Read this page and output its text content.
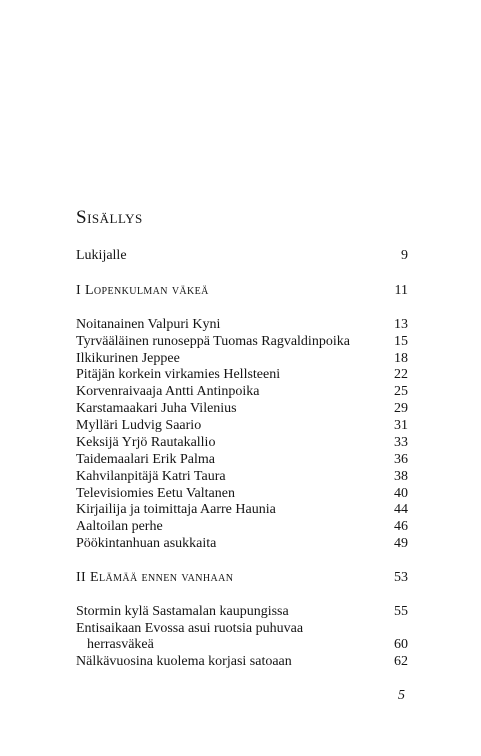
Sisällys
Lukijalle	9
I Lopenkulman väkeä	11
Noitanainen Valpuri Kyni	13
Tyrvääläinen runoseppä Tuomas Ragvaldinpoika	15
Ilkikurinen Jeppee	18
Pitäjän korkein virkamies Hellsteeni	22
Korvenraivaaja Antti Antinpoika	25
Karstamaakari Juha Vilenius	29
Mylläri Ludvig Saario	31
Keksijä Yrjö Rautakallio	33
Taidemaalari Erik Palma	36
Kahvilanpitäjä Katri Taura	38
Televisiomies Eetu Valtanen	40
Kirjailija ja toimittaja Aarre Haunia	44
Aaltoilan perhe	46
Pöökintanhuan asukkaita	49
II Elämää ennen vanhaan	53
Stormin kylä Sastamalan kaupungissa	55
Entisaikaan Evossa asui ruotsia puhuvaa
herrasväkeä	60
Nälkävuosina kuolema korjasi satoaan	62
5
